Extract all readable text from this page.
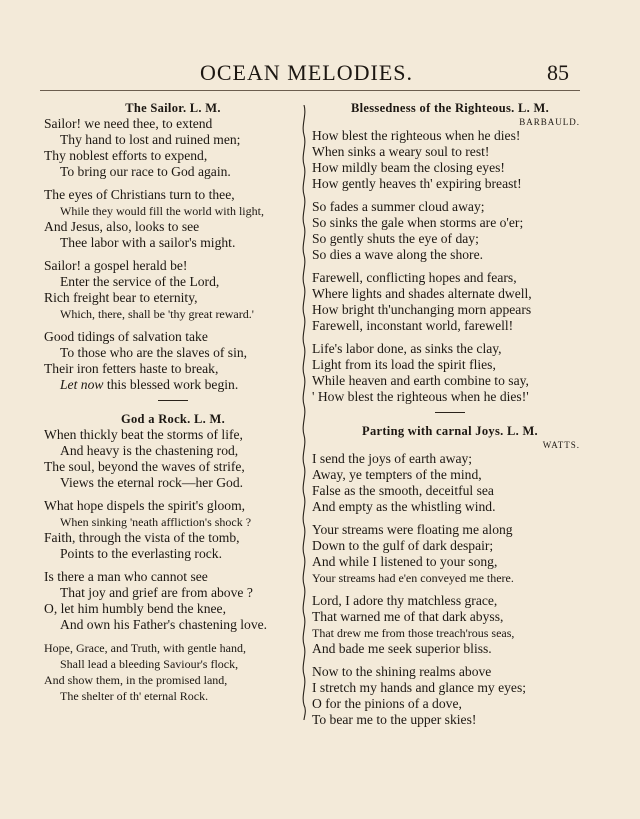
OCEAN MELODIES.	85

The Sailor. L. M.

Sailor! we need thee, to extend
Thy hand to lost and ruined men;
Thy noblest efforts to expend,
To bring our race to God again.
The eyes of Christians turn to thee,
While they would fill the world with light,
And Jesus, also, looks to see
Thee labor with a sailor's might.
Sailor! a gospel herald be!
Enter the service of the Lord,
Rich freight bear to eternity,
Which, there, shall be 'thy great reward.'
Good tidings of salvation take
To those who are the slaves of sin,
Their iron fetters haste to break,
Let now this blessed work begin.

God a Rock. L. M.

When thickly beat the storms of life,
And heavy is the chastening rod,
The soul, beyond the waves of strife,
Views the eternal rock—her God.
What hope dispels the spirit's gloom,
When sinking 'neath affliction's shock ?
Faith, through the vista of the tomb,
Points to the everlasting rock.
Is there a man who cannot see
That joy and grief are from above ?
O, let him humbly bend the knee,
And own his Father's chastening love.
Hope, Grace, and Truth, with gentle hand,
Shall lead a bleeding Saviour's flock,
And show them, in the promised land,
The shelter of th' eternal Rock.

Blessedness of the Righteous. L. M.

BARBAULD.

How blest the righteous when he dies!
When sinks a weary soul to rest!
How mildly beam the closing eyes!
How gently heaves th' expiring breast!
So fades a summer cloud away;
So sinks the gale when storms are o'er;
So gently shuts the eye of day;
So dies a wave along the shore.
Farewell, conflicting hopes and fears,
Where lights and shades alternate dwell,
How bright th'unchanging morn appears
Farewell, inconstant world, farewell!
Life's labor done, as sinks the clay,
Light from its load the spirit flies,
While heaven and earth combine to say,
' How blest the righteous when he dies!'

Parting with carnal Joys. L. M.

WATTS.

I send the joys of earth away;
Away, ye tempters of the mind,
False as the smooth, deceitful sea
And empty as the whistling wind.
Your streams were floating me along
Down to the gulf of dark despair;
And while I listened to your song,
Your streams had e'en conveyed me there.
Lord, I adore thy matchless grace,
That warned me of that dark abyss,
That drew me from those treach'rous seas,
And bade me seek superior bliss.
Now to the shining realms above
I stretch my hands and glance my eyes;
O for the pinions of a dove,
To bear me to the upper skies!
